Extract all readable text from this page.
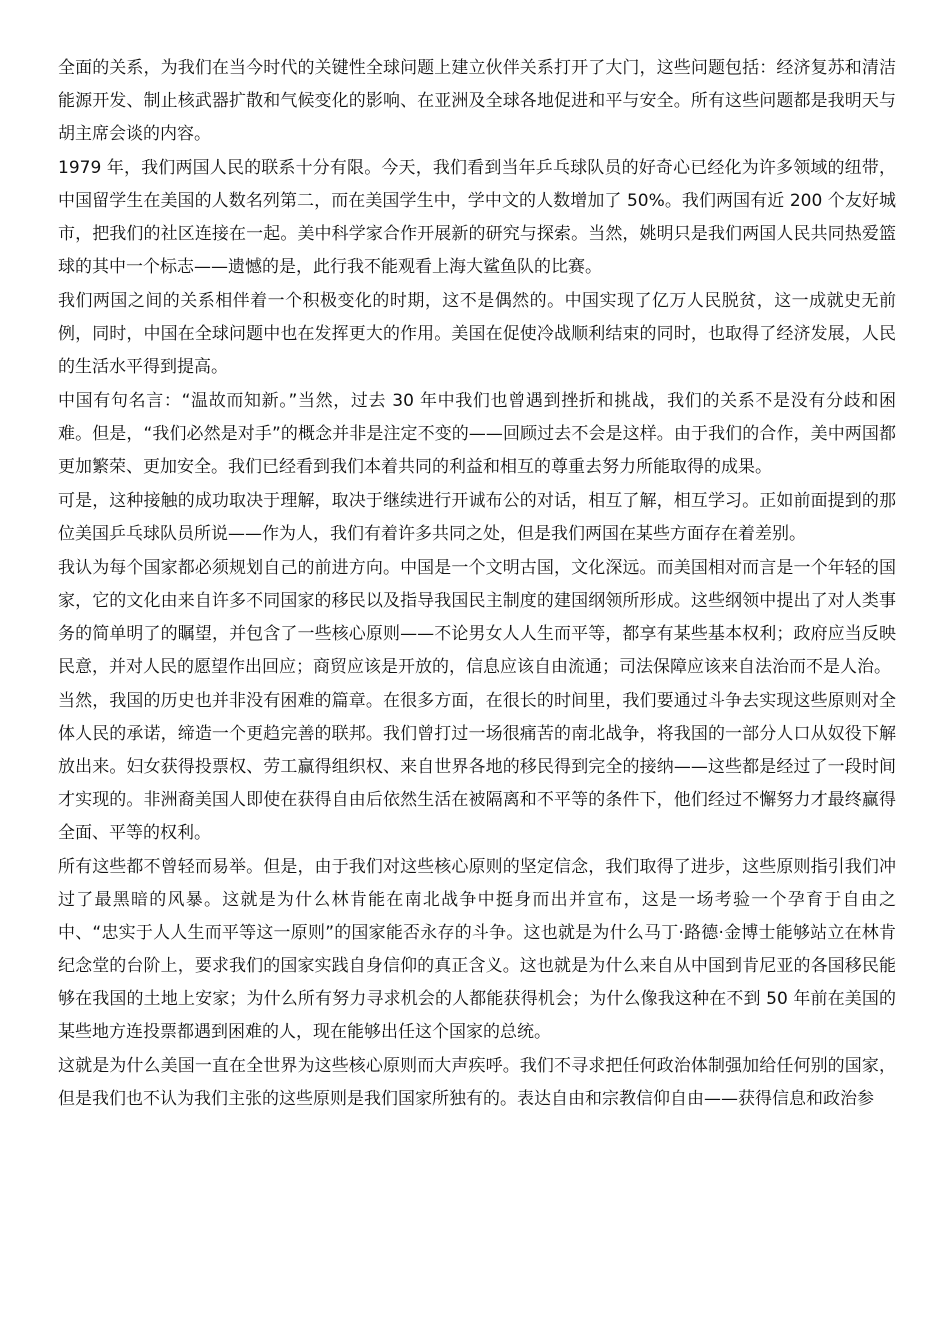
全面的关系，为我们在当今时代的关键性全球问题上建立伙伴关系打开了大门，这些问题包括：经济复苏和清洁能源开发、制止核武器扩散和气候变化的影响、在亚洲及全球各地促进和平与安全。所有这些问题都是我明天与胡主席会谈的内容。

1979 年，我们两国人民的联系十分有限。今天，我们看到当年乒乓球队员的好奇心已经化为许多领域的纽带，中国留学生在美国的人数名列第二，而在美国学生中，学中文的人数增加了 50%。我们两国有近 200 个友好城市，把我们的社区连接在一起。美中科学家合作开展新的研究与探索。当然，姚明只是我们两国人民共同热爱篮球的其中一个标志——遗憾的是，此行我不能观看上海大鲨鱼队的比赛。

我们两国之间的关系相伴着一个积极变化的时期，这不是偶然的。中国实现了亿万人民脱贫，这一成就史无前例，同时，中国在全球问题中也在发挥更大的作用。美国在促使冷战顺利结束的同时，也取得了经济发展，人民的生活水平得到提高。

中国有句名言：“温故而知新。”当然，过去 30 年中我们也曾遇到挫折和挑战，我们的关系不是没有分歧和困难。但是，“我们必然是对手”的概念并非是注定不变的——回顾过去不会是这样。由于我们的合作，美中两国都更加繁荣、更加安全。我们已经看到我们本着共同的利益和相互的尊重去努力所能取得的成果。

可是，这种接触的成功取决于理解，取决于继续进行开诚布公的对话，相互了解，相互学习。正如前面提到的那位美国乒乓球队员所说——作为人，我们有着许多共同之处，但是我们两国在某些方面存在着差别。

我认为每个国家都必须规划自己的前进方向。中国是一个文明古国，文化深远。而美国相对而言是一个年轻的国家，它的文化由来自许多不同国家的移民以及指导我国民主制度的建国纲领所形成。这些纲领中提出了对人类事务的简单明了的瞩望，并包含了一些核心原则——不论男女人人生而平等，都享有某些基本权利；政府应当反映民意，并对人民的愿望作出回应；商贸应该是开放的，信息应该自由流通；司法保障应该来自法治而不是人治。

当然，我国的历史也并非没有困难的篇章。在很多方面，在很长的时间里，我们要通过斗争去实现这些原则对全体人民的承诺，缔造一个更趋完善的联邦。我们曾打过一场很痛苦的南北战争，将我国的一部分人口从奴役下解放出来。妇女获得投票权、劳工赢得组织权、来自世界各地的移民得到完全的接纳——这些都是经过了一段时间才实现的。非洲裔美国人即使在获得自由后依然生活在被隔离和不平等的条件下，他们经过不懈努力才最终赢得全面、平等的权利。

所有这些都不曾轻而易举。但是，由于我们对这些核心原则的坚定信念，我们取得了进步，这些原则指引我们冲过了最黑暗的风暴。这就是为什么林肯能在南北战争中挺身而出并宣布，这是一场考验一个孕育于自由之中、“忠实于人人生而平等这一原则”的国家能否永存的斗争。这也就是为什么马丁·路德·金博士能够站立在林肯纪念堂的台阶上，要求我们的国家实践自身信仰的真正含义。这也就是为什么来自从中国到肯尼亚的各国移民能够在我国的土地上安家；为什么所有努力寻求机会的人都能获得机会；为什么像我这种在不到 50 年前在美国的某些地方连投票都遇到困难的人，现在能够出任这个国家的总统。

这就是为什么美国一直在全世界为这些核心原则而大声疾呼。我们不寻求把任何政治体制强加给任何别的国家，但是我们也不认为我们主张的这些原则是我们国家所独有的。表达自由和宗教信仰自由——获得信息和政治参
